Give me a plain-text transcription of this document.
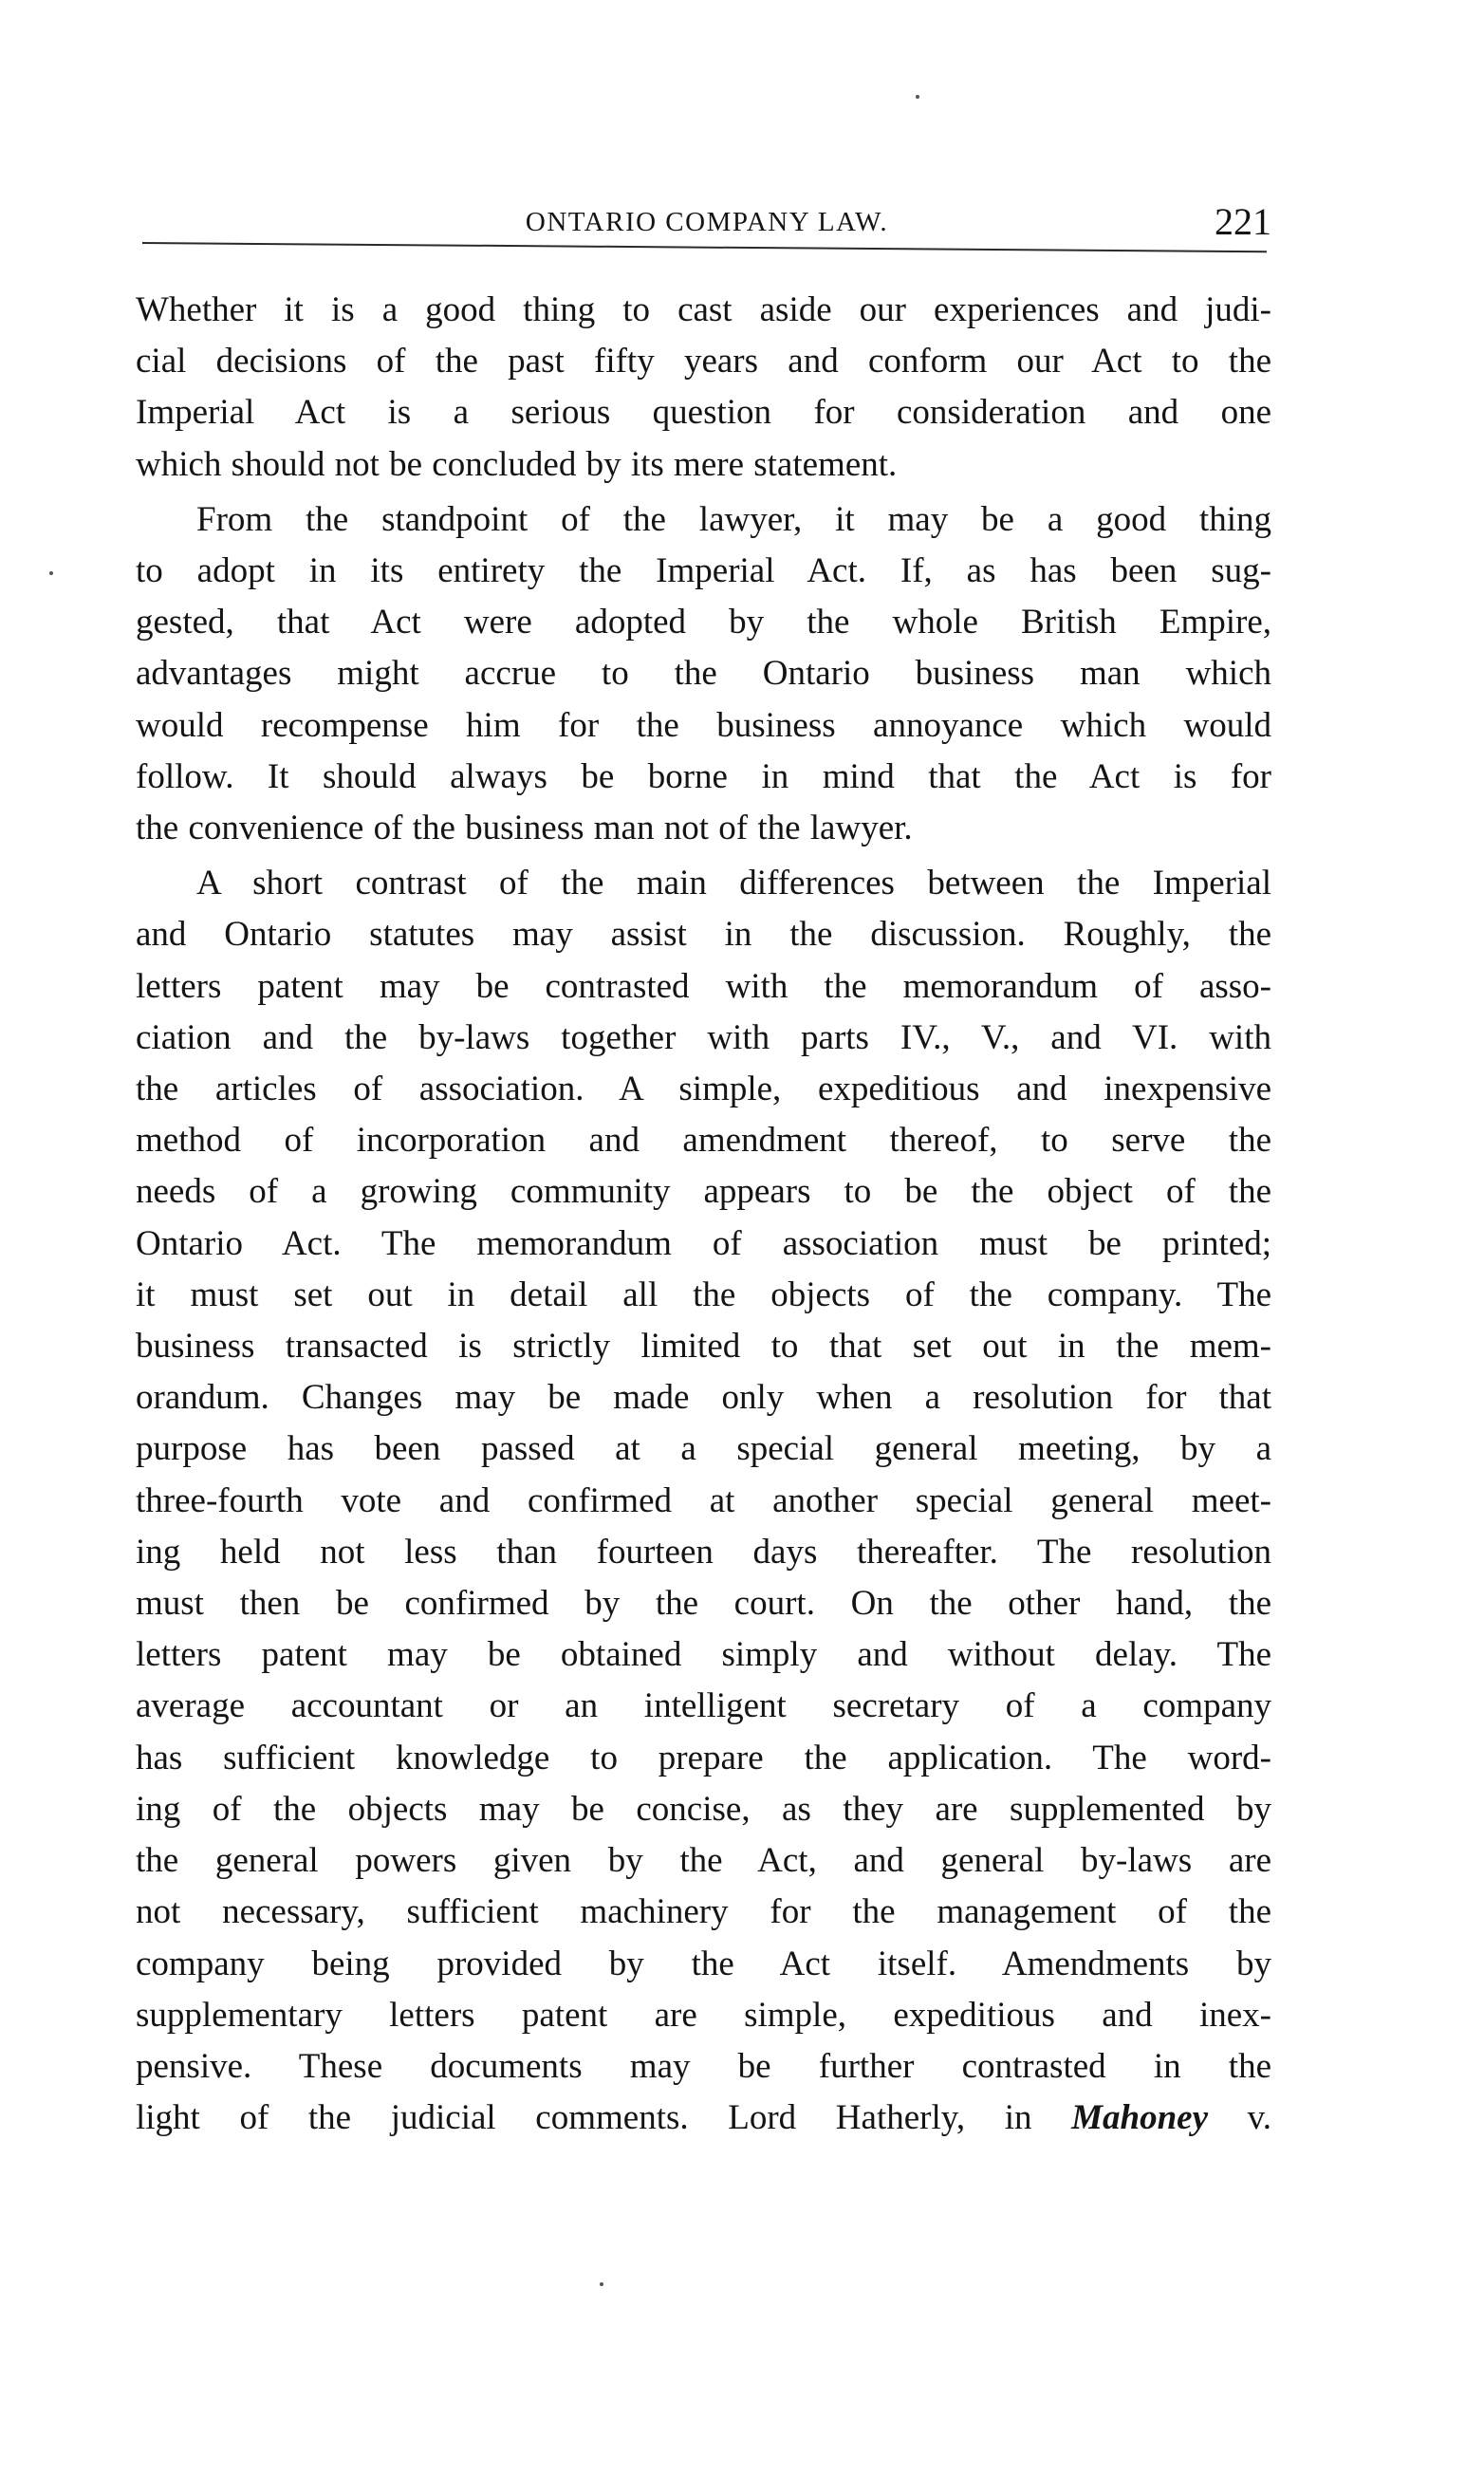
ONTARIO COMPANY LAW.	221
Whether it is a good thing to cast aside our experiences and judi-
cial decisions of the past fifty years and conform our Act to the
Imperial Act is a serious question for consideration and one
which should not be concluded by its mere statement.
From the standpoint of the lawyer, it may be a good thing
to adopt in its entirety the Imperial Act. If, as has been sug-
gested, that Act were adopted by the whole British Empire,
advantages might accrue to the Ontario business man which
would recompense him for the business annoyance which would
follow. It should always be borne in mind that the Act is for
the convenience of the business man not of the lawyer.
A short contrast of the main differences between the Imperial
and Ontario statutes may assist in the discussion. Roughly, the
letters patent may be contrasted with the memorandum of asso-
ciation and the by-laws together with parts IV., V., and VI. with
the articles of association. A simple, expeditious and inexpensive
method of incorporation and amendment thereof, to serve the
needs of a growing community appears to be the object of the
Ontario Act. The memorandum of association must be printed;
it must set out in detail all the objects of the company. The
business transacted is strictly limited to that set out in the mem-
orandum. Changes may be made only when a resolution for that
purpose has been passed at a special general meeting, by a
three-fourth vote and confirmed at another special general meet-
ing held not less than fourteen days thereafter. The resolution
must then be confirmed by the court. On the other hand, the
letters patent may be obtained simply and without delay. The
average accountant or an intelligent secretary of a company
has sufficient knowledge to prepare the application. The word-
ing of the objects may be concise, as they are supplemented by
the general powers given by the Act, and general by-laws are
not necessary, sufficient machinery for the management of the
company being provided by the Act itself. Amendments by
supplementary letters patent are simple, expeditious and inex-
pensive. These documents may be further contrasted in the
light of the judicial comments. Lord Hatherly, in Mahoney v.
